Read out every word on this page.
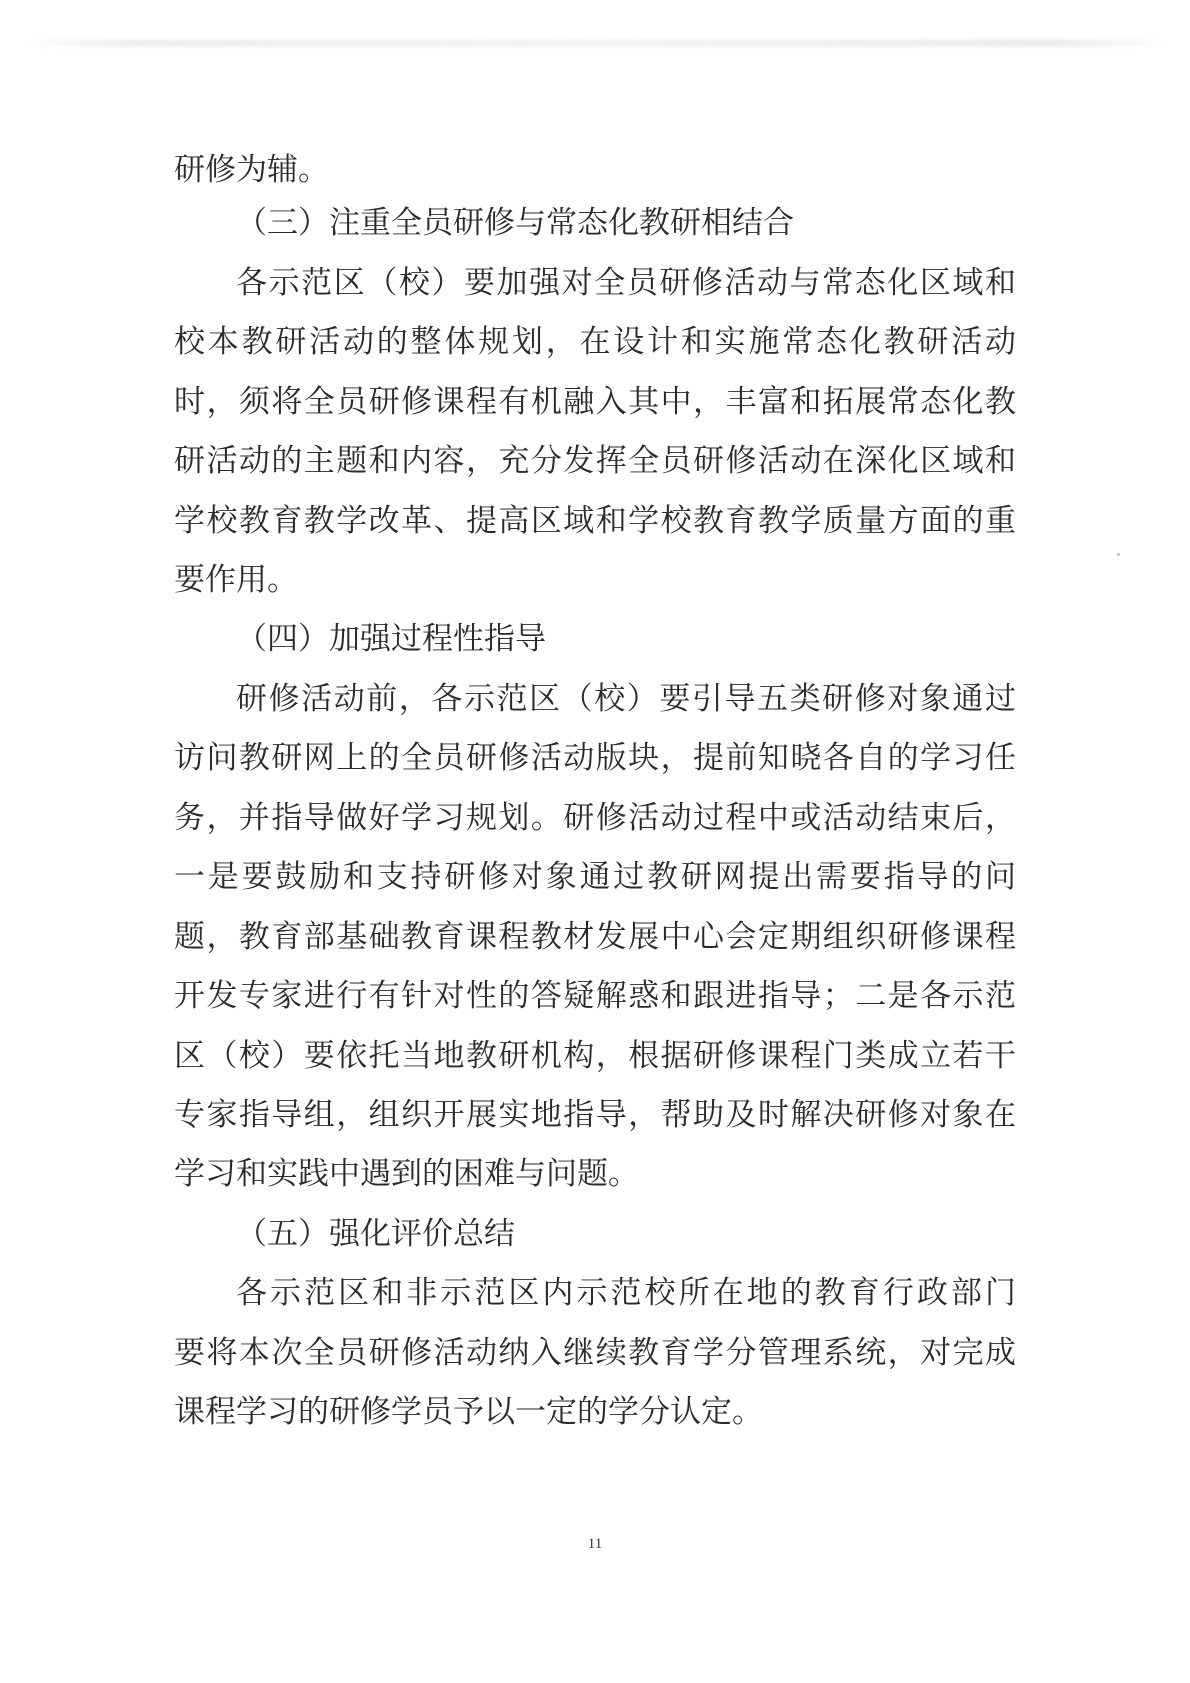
研修为辅。
（三）注重全员研修与常态化教研相结合
各示范区（校）要加强对全员研修活动与常态化区域和
校本教研活动的整体规划，在设计和实施常态化教研活动
时，须将全员研修课程有机融入其中，丰富和拓展常态化教
研活动的主题和内容，充分发挥全员研修活动在深化区域和
学校教育教学改革、提高区域和学校教育教学质量方面的重
要作用。
（四）加强过程性指导
研修活动前，各示范区（校）要引导五类研修对象通过
访问教研网上的全员研修活动版块，提前知晓各自的学习任
务，并指导做好学习规划。研修活动过程中或活动结束后，
一是要鼓励和支持研修对象通过教研网提出需要指导的问
题，教育部基础教育课程教材发展中心会定期组织研修课程
开发专家进行有针对性的答疑解惑和跟进指导；二是各示范
区（校）要依托当地教研机构，根据研修课程门类成立若干
专家指导组，组织开展实地指导，帮助及时解决研修对象在
学习和实践中遇到的困难与问题。
（五）强化评价总结
各示范区和非示范区内示范校所在地的教育行政部门
要将本次全员研修活动纳入继续教育学分管理系统，对完成
课程学习的研修学员予以一定的学分认定。
11
